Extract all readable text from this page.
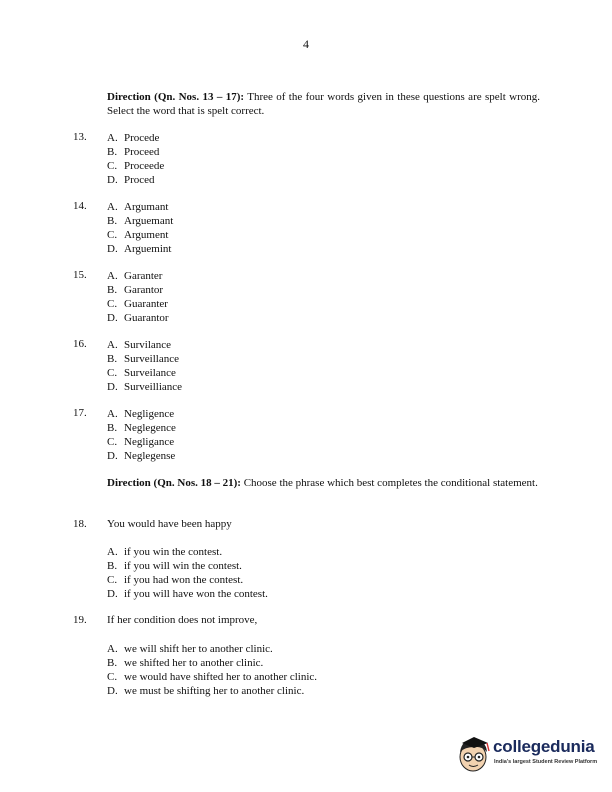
4
Direction (Qn. Nos. 13 – 17): Three of the four words given in these questions are spelt wrong. Select the word that is spelt correct.
13. A. Procede
B. Proceed
C. Proceede
D. Proced
14. A. Argumant
B. Arguemant
C. Argument
D. Arguemint
15. A. Garanter
B. Garantor
C. Guaranter
D. Guarantor
16. A. Survilance
B. Surveillance
C. Surveilance
D. Surveilliance
17. A. Negligence
B. Neglegence
C. Negligance
D. Neglegense
Direction (Qn. Nos. 18 – 21): Choose the phrase which best completes the conditional statement.
18. You would have been happy
A. if you win the contest.
B. if you will win the contest.
C. if you had won the contest.
D. if you will have won the contest.
19. If her condition does not improve,
A. we will shift her to another clinic.
B. we shifted her to another clinic.
C. we would have shifted her to another clinic.
D. we must be shifting her to another clinic.
collegedunia
India's largest Student Review Platform
